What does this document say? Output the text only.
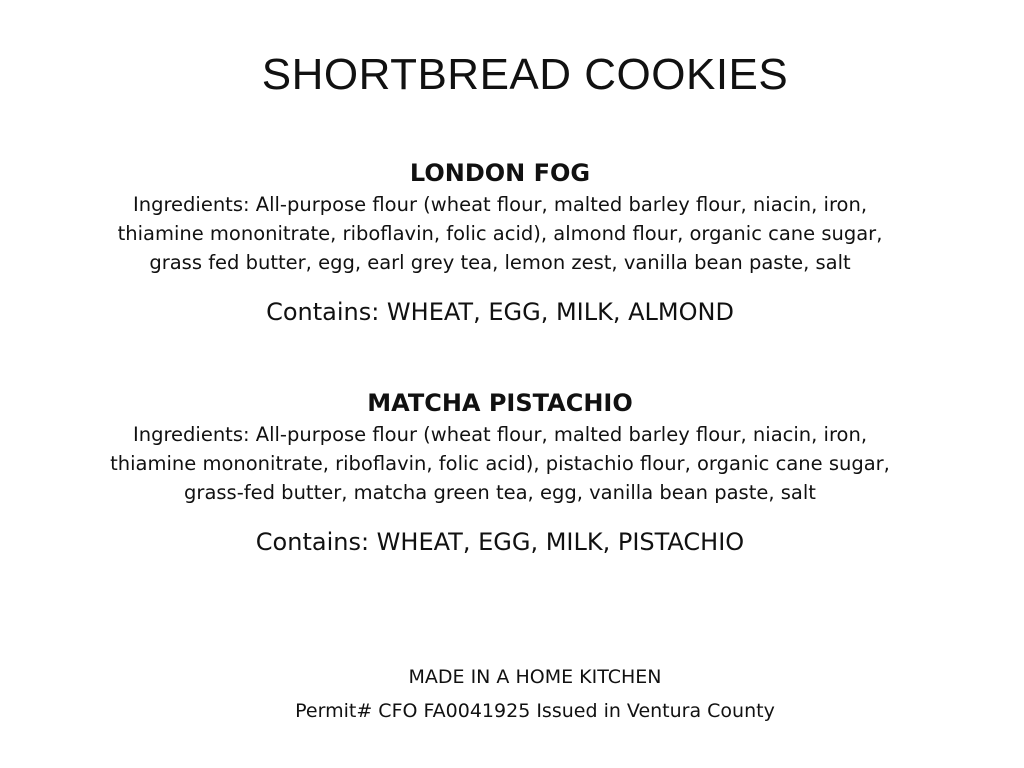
SHORTBREAD COOKIES

LONDON FOG

Ingredients: All-purpose flour (wheat flour, malted barley flour, niacin, iron,
thiamine mononitrate, riboflavin, folic acid), almond flour, organic cane sugar,
grass fed butter, egg, earl grey tea, lemon zest, vanilla bean paste, salt

Contains: WHEAT, EGG, MILK, ALMOND

MATCHA PISTACHIO

Ingredients: All-purpose flour (wheat flour, malted barley flour, niacin, iron,
thiamine mononitrate, riboflavin, folic acid), pistachio flour, organic cane sugar,
grass-fed butter, matcha green tea, egg, vanilla bean paste, salt

Contains: WHEAT, EGG, MILK, PISTACHIO

MADE IN A HOME KITCHEN
Permit# CFO FA0041925 Issued in Ventura County
